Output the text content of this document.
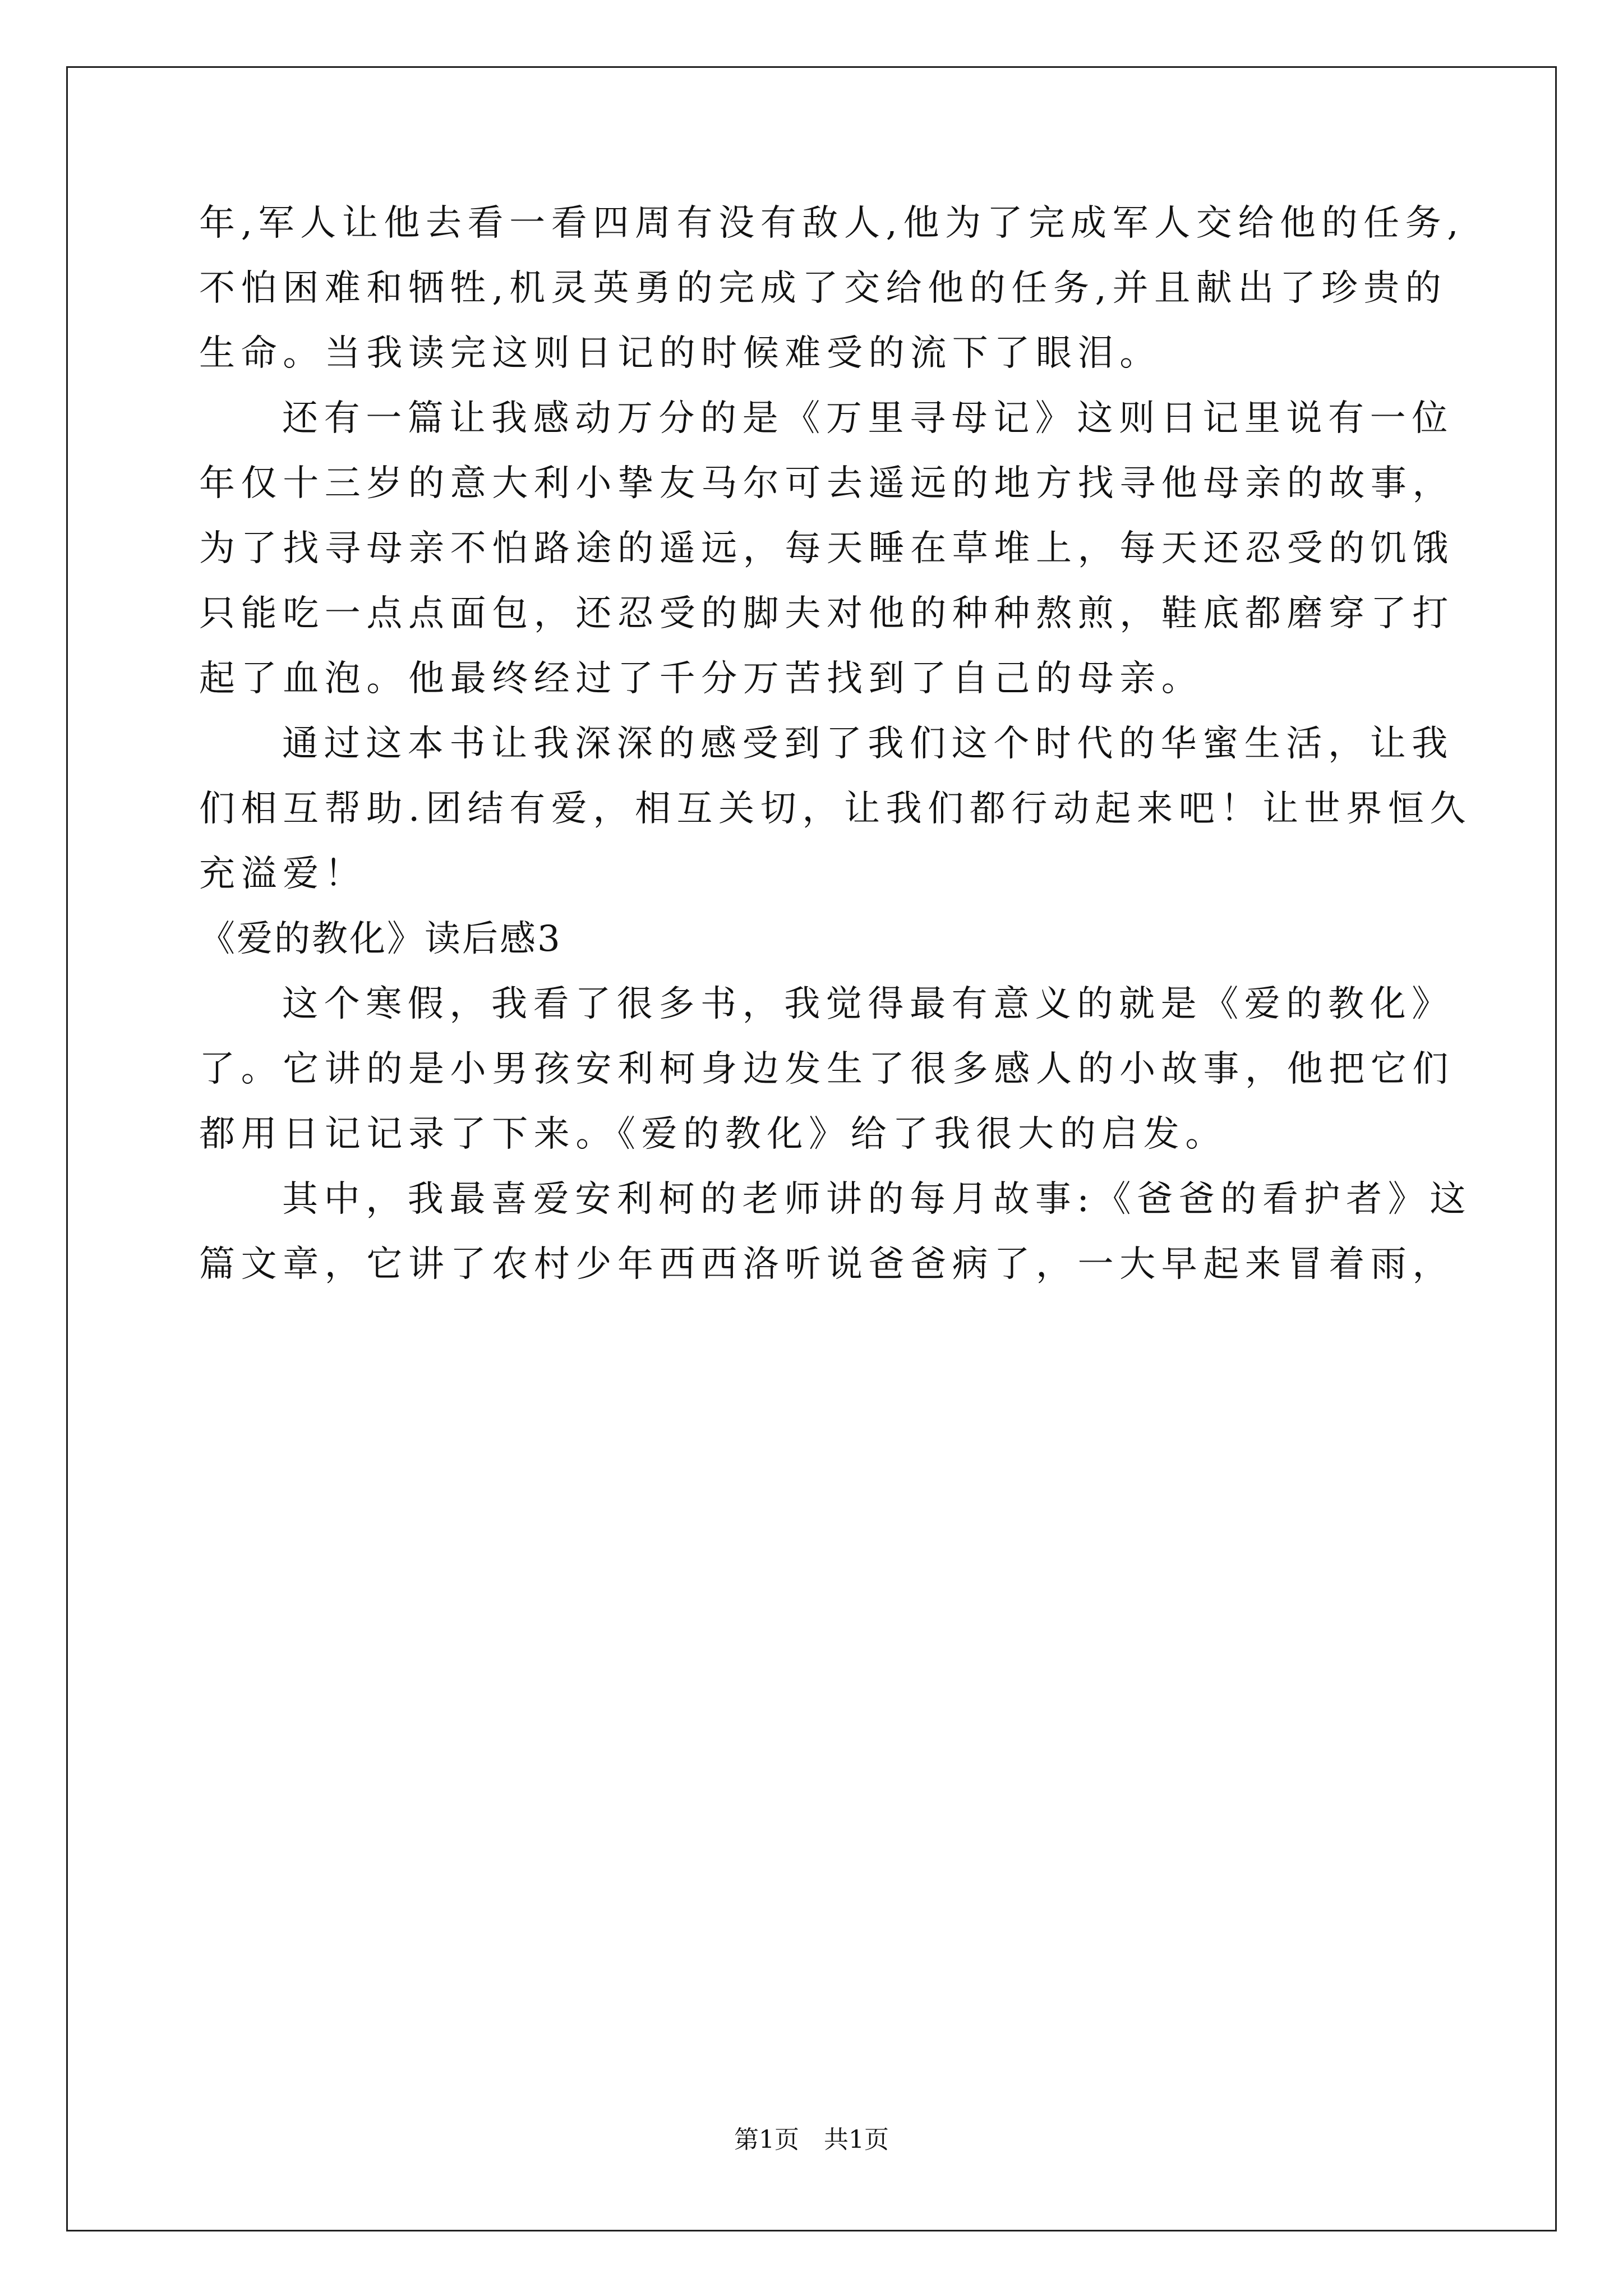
年,军人让他去看一看四周有没有敌人,他为了完成军人交给他的任务,
不怕困难和牺牲,机灵英勇的完成了交给他的任务,并且献出了珍贵的
生命。当我读完这则日记的时候难受的流下了眼泪。
还有一篇让我感动万分的是《万里寻母记》这则日记里说有一位
年仅十三岁的意大利小挚友马尔可去遥远的地方找寻他母亲的故事，
为了找寻母亲不怕路途的遥远，每天睡在草堆上，每天还忍受的饥饿
只能吃一点点面包，还忍受的脚夫对他的种种熬煎，鞋底都磨穿了打
起了血泡。他最终经过了千分万苦找到了自己的母亲。
通过这本书让我深深的感受到了我们这个时代的华蜜生活，让我
们相互帮助.团结有爱，相互关切，让我们都行动起来吧！让世界恒久
充溢爱！
《爱的教化》读后感3
这个寒假，我看了很多书，我觉得最有意义的就是《爱的教化》
了。它讲的是小男孩安利柯身边发生了很多感人的小故事，他把它们
都用日记记录了下来。《爱的教化》给了我很大的启发。
其中，我最喜爱安利柯的老师讲的每月故事:《爸爸的看护者》这
篇文章，它讲了农村少年西西洛听说爸爸病了，一大早起来冒着雨，
第1页　共1页
